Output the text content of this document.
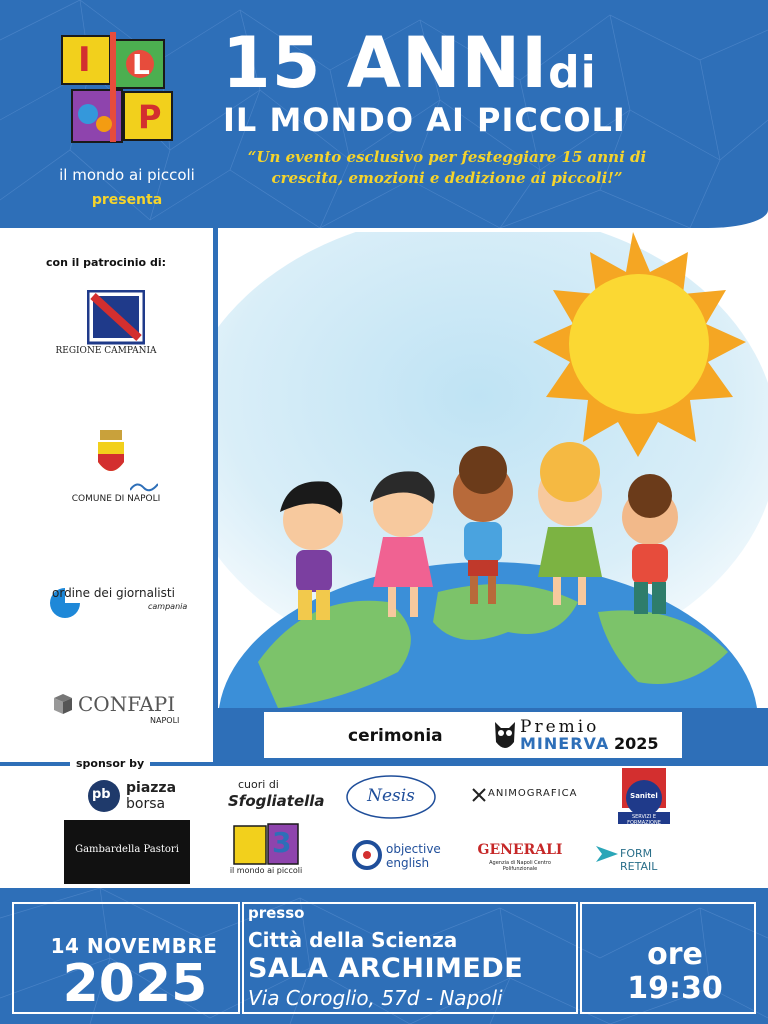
I L
P
il mondo ai piccoli
presenta
15 ANNIdi
IL MONDO AI PICCOLI
“Un evento esclusivo per festeggiare 15 anni di crescita, emozioni e dedizione ai piccoli!”
con il patrocinio di:
REGIONE CAMPANIA
COMUNE DI NAPOLI
ordine dei giornalisti
campania
CONFAPI
NAPOLI
cerimonia	Premio
MINERVA 2025
sponsor by
pb piazza
borsa
cuori di
Sfogliatella	Nesis	ANIMOGRAFICA	Sanitel
SERVIZI E FORMAZIONE
Gambardella Pastori	3
il mondo ai piccoli
objective
english
GENERALI
Agenzia di Napoli Centro Polifunzionale
FORM RETAIL
14 NOVEMBRE
2025
presso
Città della Scienza
SALA ARCHIMEDE
Via Coroglio, 57d - Napoli
ore
19:30
